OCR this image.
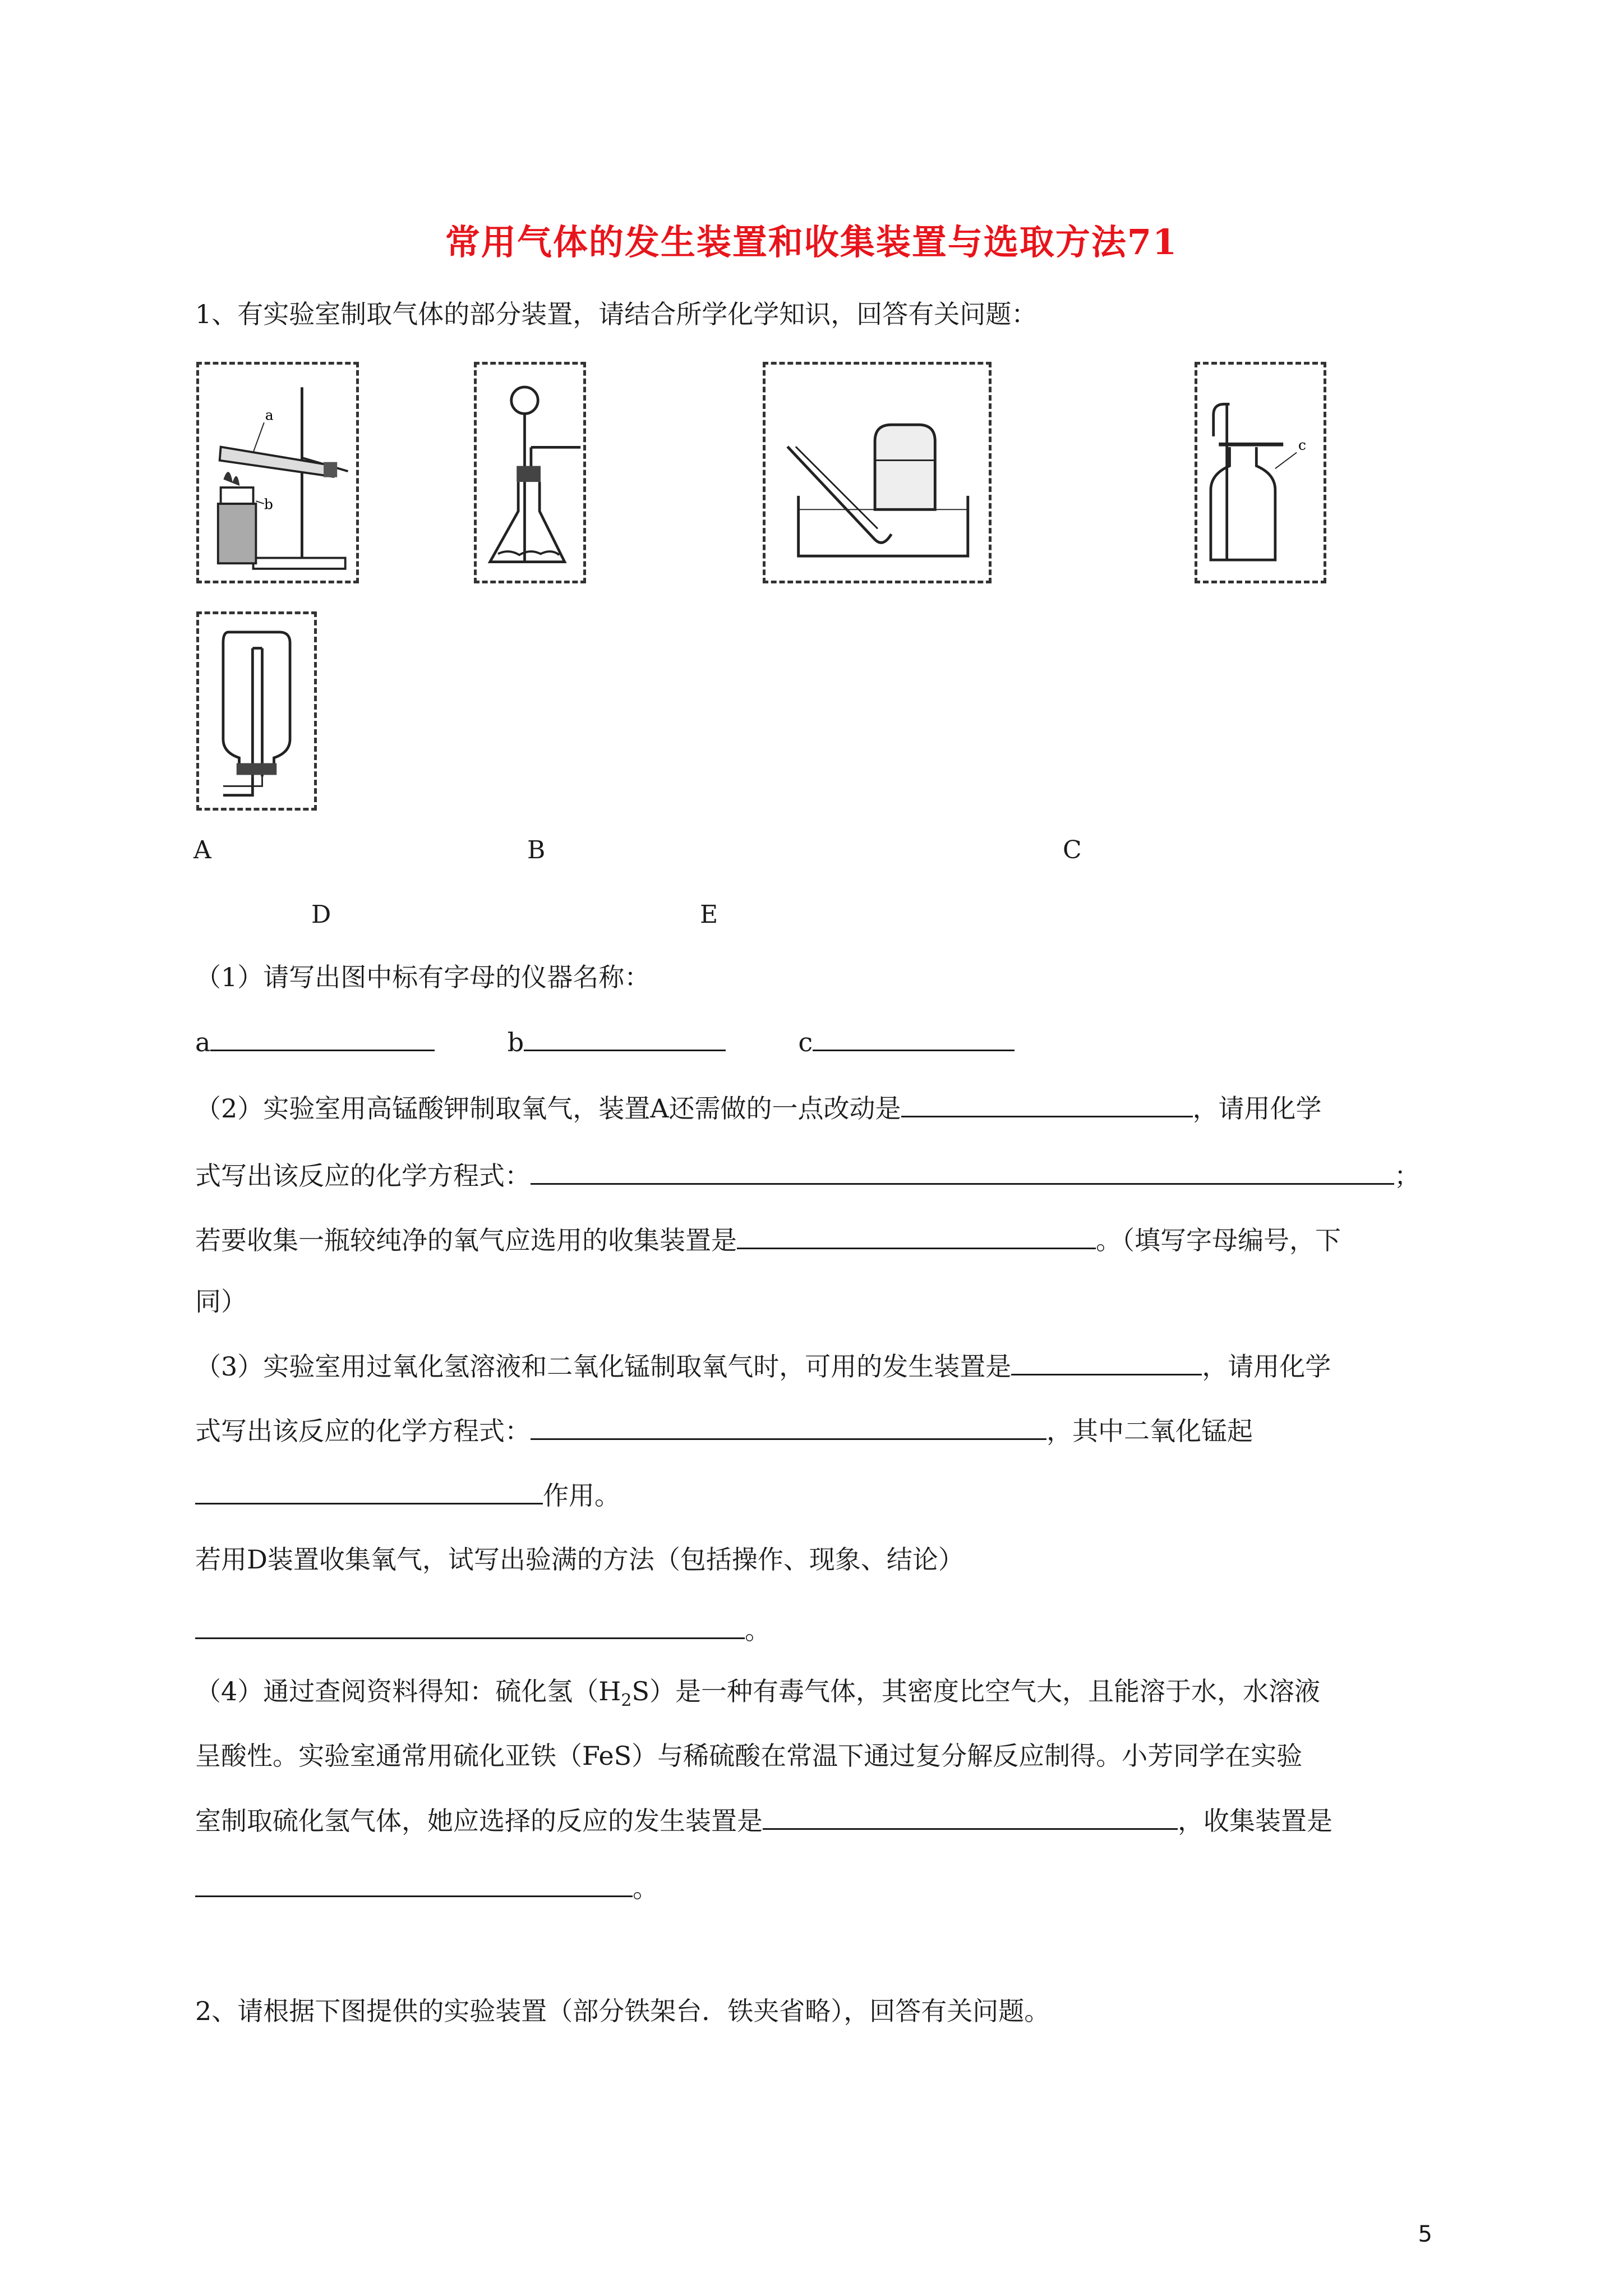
常用气体的发生装置和收集装置与选取方法71
1、有实验室制取气体的部分装置，请结合所学化学知识，回答有关问题：
a
b
c
A	B	C
D	E
（1）请写出图中标有字母的仪器名称：
a	b	c
（2）实验室用高锰酸钾制取氧气，装置A还需做的一点改动是	，请用化学
式写出该反应的化学方程式：	；
若要收集一瓶较纯净的氧气应选用的收集装置是	。（填写字母编号，下
同）
（3）实验室用过氧化氢溶液和二氧化锰制取氧气时，可用的发生装置是	，请用化学
式写出该反应的化学方程式：	，其中二氧化锰起
作用。
若用D装置收集氧气，试写出验满的方法（包括操作、现象、结论）
。
（4）通过查阅资料得知：硫化氢$(H_2S)$是一种有毒气体，其密度比空气大，且能溶于水，水溶液
呈酸性。实验室通常用硫化亚铁（FeS）与稀硫酸在常温下通过复分解反应制得。小芳同学在实验
室制取硫化氢气体，她应选择的反应的发生装置是	，收集装置是
。
2、请根据下图提供的实验装置（部分铁架台．铁夹省略），回答有关问题。
5
